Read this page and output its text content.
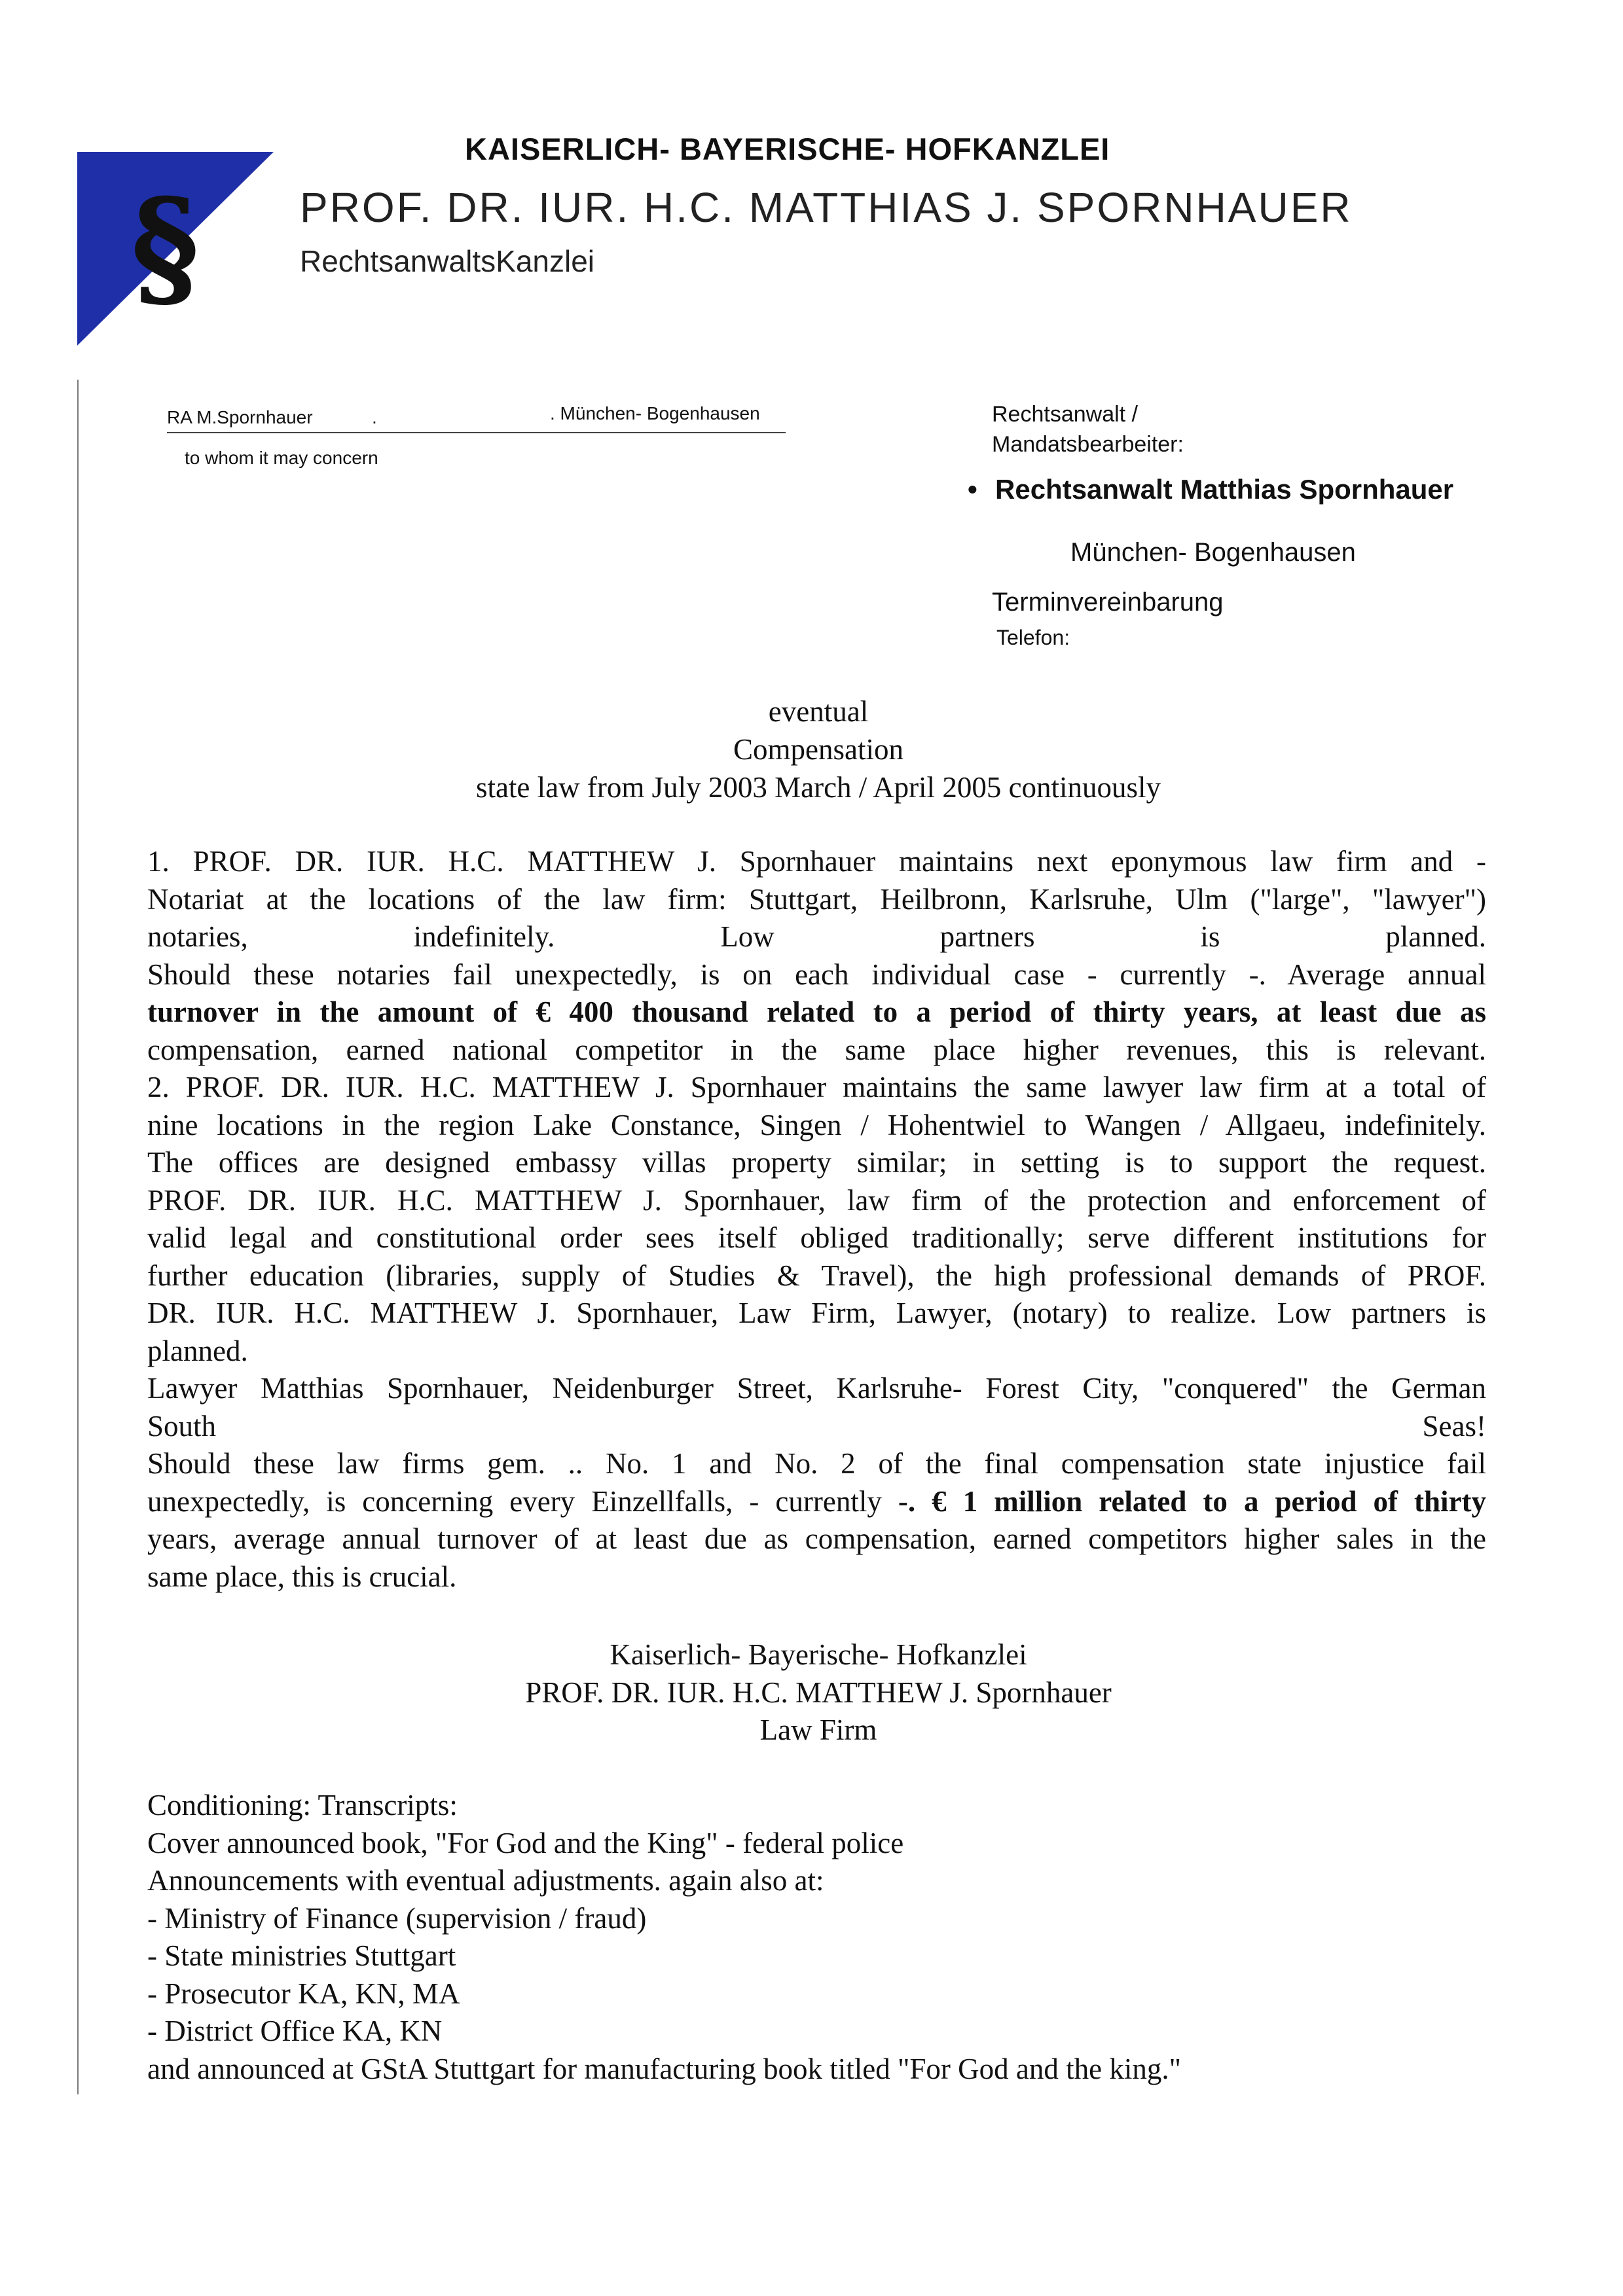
§
KAISERLICH- BAYERISCHE- HOFKANZLEI
PROF. DR. IUR. H.C. MATTHIAS J. SPORNHAUER
RechtsanwaltsKanzlei
RA M.Spornhauer	.	. München- Bogenhausen
to whom it may concern
Rechtsanwalt /
Mandatsbearbeiter:
• Rechtsanwalt Matthias Spornhauer
München- Bogenhausen
Terminvereinbarung
Telefon:
eventual
Compensation
state law from July 2003 March / April 2005 continuously

1. PROF. DR. IUR. H.C. MATTHEW J. Spornhauer maintains next eponymous law firm and -

Notariat at the locations of the law firm: Stuttgart, Heilbronn, Karlsruhe, Ulm ("large", "lawyer")

notaries, indefinitely. Low partners is planned.

Should these notaries fail unexpectedly, is on each individual case - currently -. Average annual

turnover in the amount of € 400 thousand related to a period of thirty years, at least due as

compensation, earned national competitor in the same place higher revenues, this is relevant.

2. PROF. DR. IUR. H.C. MATTHEW J. Spornhauer maintains the same lawyer law firm at a total of

nine locations in the region Lake Constance, Singen / Hohentwiel to Wangen / Allgaeu, indefinitely.

The offices are designed embassy villas property similar; in setting is to support the request.

PROF. DR. IUR. H.C. MATTHEW J. Spornhauer, law firm of the protection and enforcement of

valid legal and constitutional order sees itself obliged traditionally; serve different institutions for

further education (libraries, supply of Studies & Travel), the high professional demands of PROF.

DR. IUR. H.C. MATTHEW J. Spornhauer, Law Firm, Lawyer, (notary) to realize. Low partners is

planned.

Lawyer Matthias Spornhauer, Neidenburger Street, Karlsruhe- Forest City, "conquered" the German

South Seas!

Should these law firms gem. .. No. 1 and No. 2 of the final compensation state injustice fail

unexpectedly, is concerning every Einzellfalls, - currently -. € 1 million related to a period of thirty

years, average annual turnover of at least due as compensation, earned competitors higher sales in the

same place, this is crucial.

Kaiserlich- Bayerische- Hofkanzlei
PROF. DR. IUR. H.C. MATTHEW J. Spornhauer
Law Firm
Conditioning: Transcripts:
Cover announced book, "For God and the King" - federal police
Announcements with eventual adjustments. again also at:
- Ministry of Finance (supervision / fraud)
- State ministries Stuttgart
- Prosecutor KA, KN, MA
- District Office KA, KN
and announced at GStA Stuttgart for manufacturing book titled "For God and the king."
